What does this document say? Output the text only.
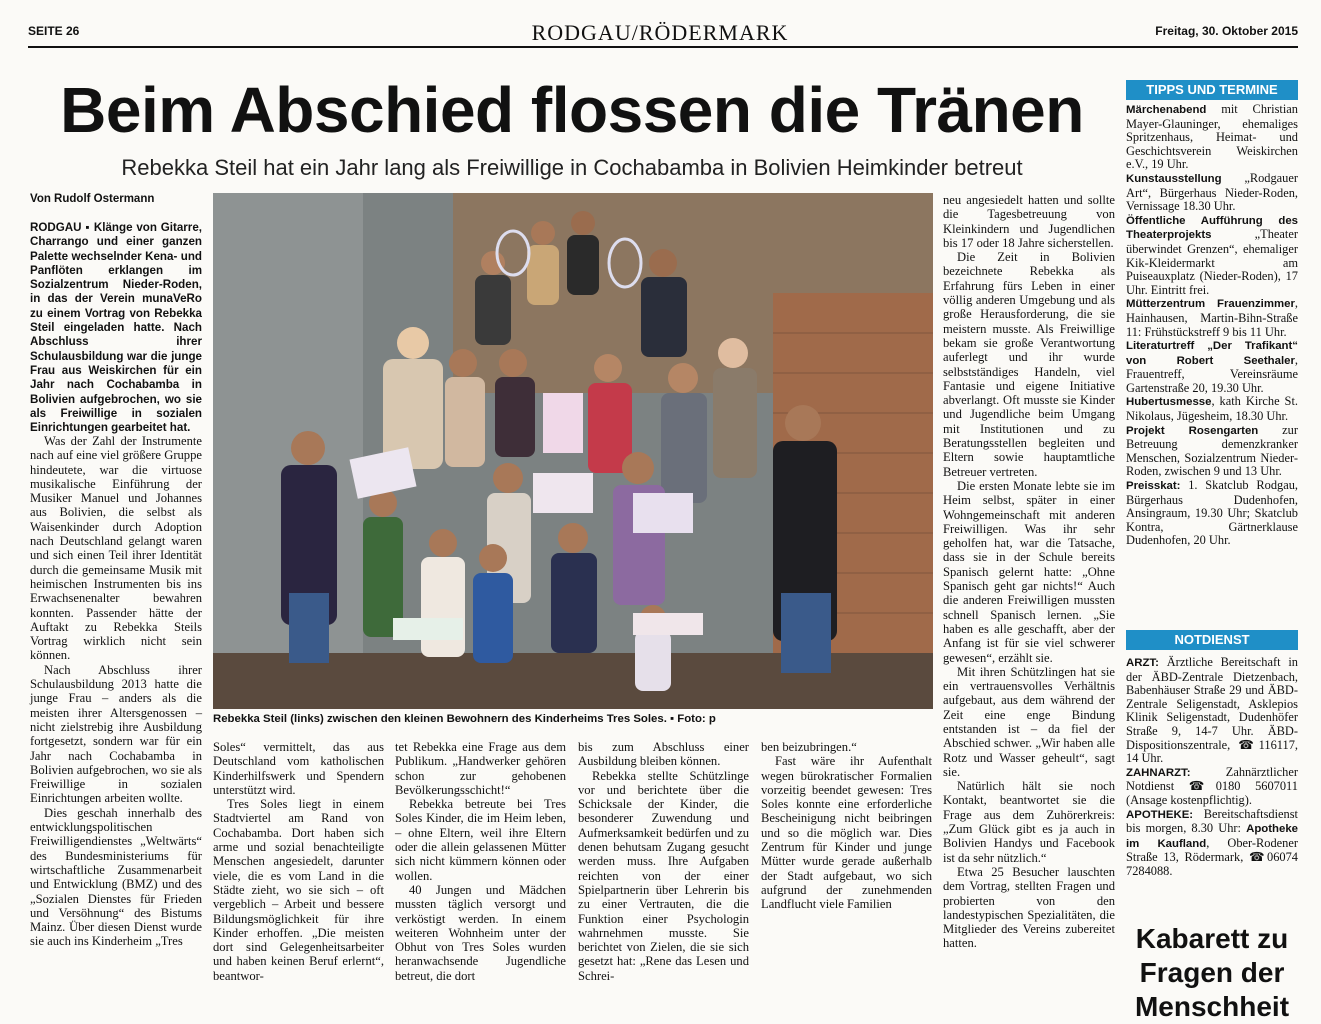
SEITE 26	RODGAU/RÖDERMARK	Freitag, 30. Oktober 2015
Beim Abschied flossen die Tränen
Rebekka Steil hat ein Jahr lang als Freiwillige in Cochabamba in Bolivien Heimkinder betreut
Von Rudolf Ostermann
RODGAU ▪ Klänge von Gitarre, Charrango und einer ganzen Palette wechselnder Kena- und Panflöten erklangen im Sozialzentrum Nieder-Roden, in das der Verein munaVeRo zu einem Vortrag von Rebekka Steil eingeladen hatte. Nach Abschluss ihrer Schulausbildung war die junge Frau aus Weiskirchen für ein Jahr nach Cochabamba in Bolivien aufgebrochen, wo sie als Freiwillige in sozialen Einrichtungen gearbeitet hat.

Was der Zahl der Instrumente nach auf eine viel größere Gruppe hindeutete, war die virtuose musikalische Einführung der Musiker Manuel und Johannes aus Bolivien, die selbst als Waisenkinder durch Adoption nach Deutschland gelangt waren und sich einen Teil ihrer Identität durch die gemeinsame Musik mit heimischen Instrumenten bis ins Erwachsenenalter bewahren konnten. Passender hätte der Auftakt zu Rebekka Steils Vortrag wirklich nicht sein können.

Nach Abschluss ihrer Schulausbildung 2013 hatte die junge Frau – anders als die meisten ihrer Altersgenossen – nicht zielstrebig ihre Ausbildung fortgesetzt, sondern war für ein Jahr nach Cochabamba in Bolivien aufgebrochen, wo sie als Freiwillige in sozialen Einrichtungen arbeiten wollte.

Dies geschah innerhalb des entwicklungspolitischen Freiwilligendienstes „Weltwärts“ des Bundesministeriums für wirtschaftliche Zusammenarbeit und Entwicklung (BMZ) und des „Sozialen Dienstes für Frieden und Versöhnung“ des Bistums Mainz. Über diesen Dienst wurde sie auch ins Kinderheim „Tres

Rebekka Steil (links) zwischen den kleinen Bewohnern des Kinderheims Tres Soles. ▪ Foto: p

Soles“ vermittelt, das aus Deutschland vom katholischen Kinderhilfswerk und Spendern unterstützt wird.

Tres Soles liegt in einem Stadtviertel am Rand von Cochabamba. Dort haben sich arme und sozial benachteiligte Menschen angesiedelt, darunter viele, die es vom Land in die Städte zieht, wo sie sich – oft vergeblich – Arbeit und bessere Bildungsmöglichkeit für ihre Kinder erhoffen. „Die meisten dort sind Gelegenheitsarbeiter und haben keinen Beruf erlernt“, beantwor-

tet Rebekka eine Frage aus dem Publikum. „Handwerker gehören schon zur gehobenen Bevölkerungsschicht!“

Rebekka betreute bei Tres Soles Kinder, die im Heim leben, – ohne Eltern, weil ihre Eltern oder die allein gelassenen Mütter sich nicht kümmern können oder wollen.

40 Jungen und Mädchen mussten täglich versorgt und verköstigt werden. In einem weiteren Wohnheim unter der Obhut von Tres Soles wurden heranwachsende Jugendliche betreut, die dort

bis zum Abschluss einer Ausbildung bleiben können.

Rebekka stellte Schützlinge vor und berichtete über die Schicksale der Kinder, die besonderer Zuwendung und Aufmerksamkeit bedürfen und zu denen behutsam Zugang gesucht werden muss. Ihre Aufgaben reichten von der einer Spielpartnerin über Lehrerin bis zu einer Vertrauten, die die Funktion einer Psychologin wahrnehmen musste. Sie berichtet von Zielen, die sie sich gesetzt hat: „Rene das Lesen und Schrei-

ben beizubringen.“

Fast wäre ihr Aufenthalt wegen bürokratischer Formalien vorzeitig beendet gewesen: Tres Soles konnte eine erforderliche Bescheinigung nicht beibringen und so die möglich war. Dies Zentrum für Kinder und junge Mütter wurde gerade außerhalb der Stadt aufgebaut, wo sich aufgrund der zunehmenden Landflucht viele Familien

neu angesiedelt hatten und sollte die Tagesbetreuung von Kleinkindern und Jugendlichen bis 17 oder 18 Jahre sicherstellen.

Die Zeit in Bolivien bezeichnete Rebekka als Erfahrung fürs Leben in einer völlig anderen Umgebung und als große Herausforderung, die sie meistern musste. Als Freiwillige bekam sie große Verantwortung auferlegt und ihr wurde selbstständiges Handeln, viel Fantasie und eigene Initiative abverlangt. Oft musste sie Kinder und Jugendliche beim Umgang mit Institutionen und zu Beratungsstellen begleiten und Eltern sowie hauptamtliche Betreuer vertreten.

Die ersten Monate lebte sie im Heim selbst, später in einer Wohngemeinschaft mit anderen Freiwilligen. Was ihr sehr geholfen hat, war die Tatsache, dass sie in der Schule bereits Spanisch gelernt hatte: „Ohne Spanisch geht gar nichts!“ Auch die anderen Freiwilligen mussten schnell Spanisch lernen. „Sie haben es alle geschafft, aber der Anfang ist für sie viel schwerer gewesen“, erzählt sie.

Mit ihren Schützlingen hat sie ein vertrauensvolles Verhältnis aufgebaut, aus dem während der Zeit eine enge Bindung entstanden ist – da fiel der Abschied schwer. „Wir haben alle Rotz und Wasser geheult“, sagt sie.

Natürlich hält sie noch Kontakt, beantwortet sie die Frage aus dem Zuhörerkreis: „Zum Glück gibt es ja auch in Bolivien Handys und Facebook ist da sehr nützlich.“

Etwa 25 Besucher lauschten dem Vortrag, stellten Fragen und probierten von den landestypischen Spezialitäten, die Mitglieder des Vereins zubereitet hatten.

TIPPS UND TERMINE

Märchenabend mit Christian Mayer-Glauninger, ehemaliges Spritzenhaus, Heimat- und Geschichtsverein Weiskirchen e.V., 19 Uhr.

Kunstausstellung „Rodgauer Art“, Bürgerhaus Nieder-Roden, Vernissage 18.30 Uhr.

Öffentliche Aufführung des Theaterprojekts „Theater überwindet Grenzen“, ehemaliger Kik-Kleidermarkt am Puiseauxplatz (Nieder-Roden), 17 Uhr. Eintritt frei.

Mütterzentrum Frauenzimmer, Hainhausen, Martin-Bihn-Straße 11: Frühstückstreff 9 bis 11 Uhr.

Literaturtreff „Der Trafikant“ von Robert Seethaler, Frauentreff, Vereinsräume Gartenstraße 20, 19.30 Uhr.

Hubertusmesse, kath Kirche St. Nikolaus, Jügesheim, 18.30 Uhr.

Projekt Rosengarten zur Betreuung demenzkranker Menschen, Sozialzentrum Nieder-Roden, zwischen 9 und 13 Uhr.

Preisskat: 1. Skatclub Rodgau, Bürgerhaus Dudenhofen, Ansingraum, 19.30 Uhr; Skatclub Kontra, Gärtnerklause Dudenhofen, 20 Uhr.

NOTDIENST

ARZT: Ärztliche Bereitschaft in der ÄBD-Zentrale Dietzenbach, Babenhäuser Straße 29 und ÄBD-Zentrale Seligenstadt, Asklepios Klinik Seligenstadt, Dudenhöfer Straße 9, 14-7 Uhr. ÄBD-Dispositionszentrale, ☎116117, 14 Uhr.

ZAHNARZT: Zahnärztlicher Notdienst ☎0180 5607011 (Ansage kostenpflichtig).

APOTHEKE: Bereitschaftsdienst bis morgen, 8.30 Uhr: Apotheke im Kaufland, Ober-Rodener Straße 13, Rödermark, ☎06074 7284088.

Kabarett zu Fragen der Menschheit
